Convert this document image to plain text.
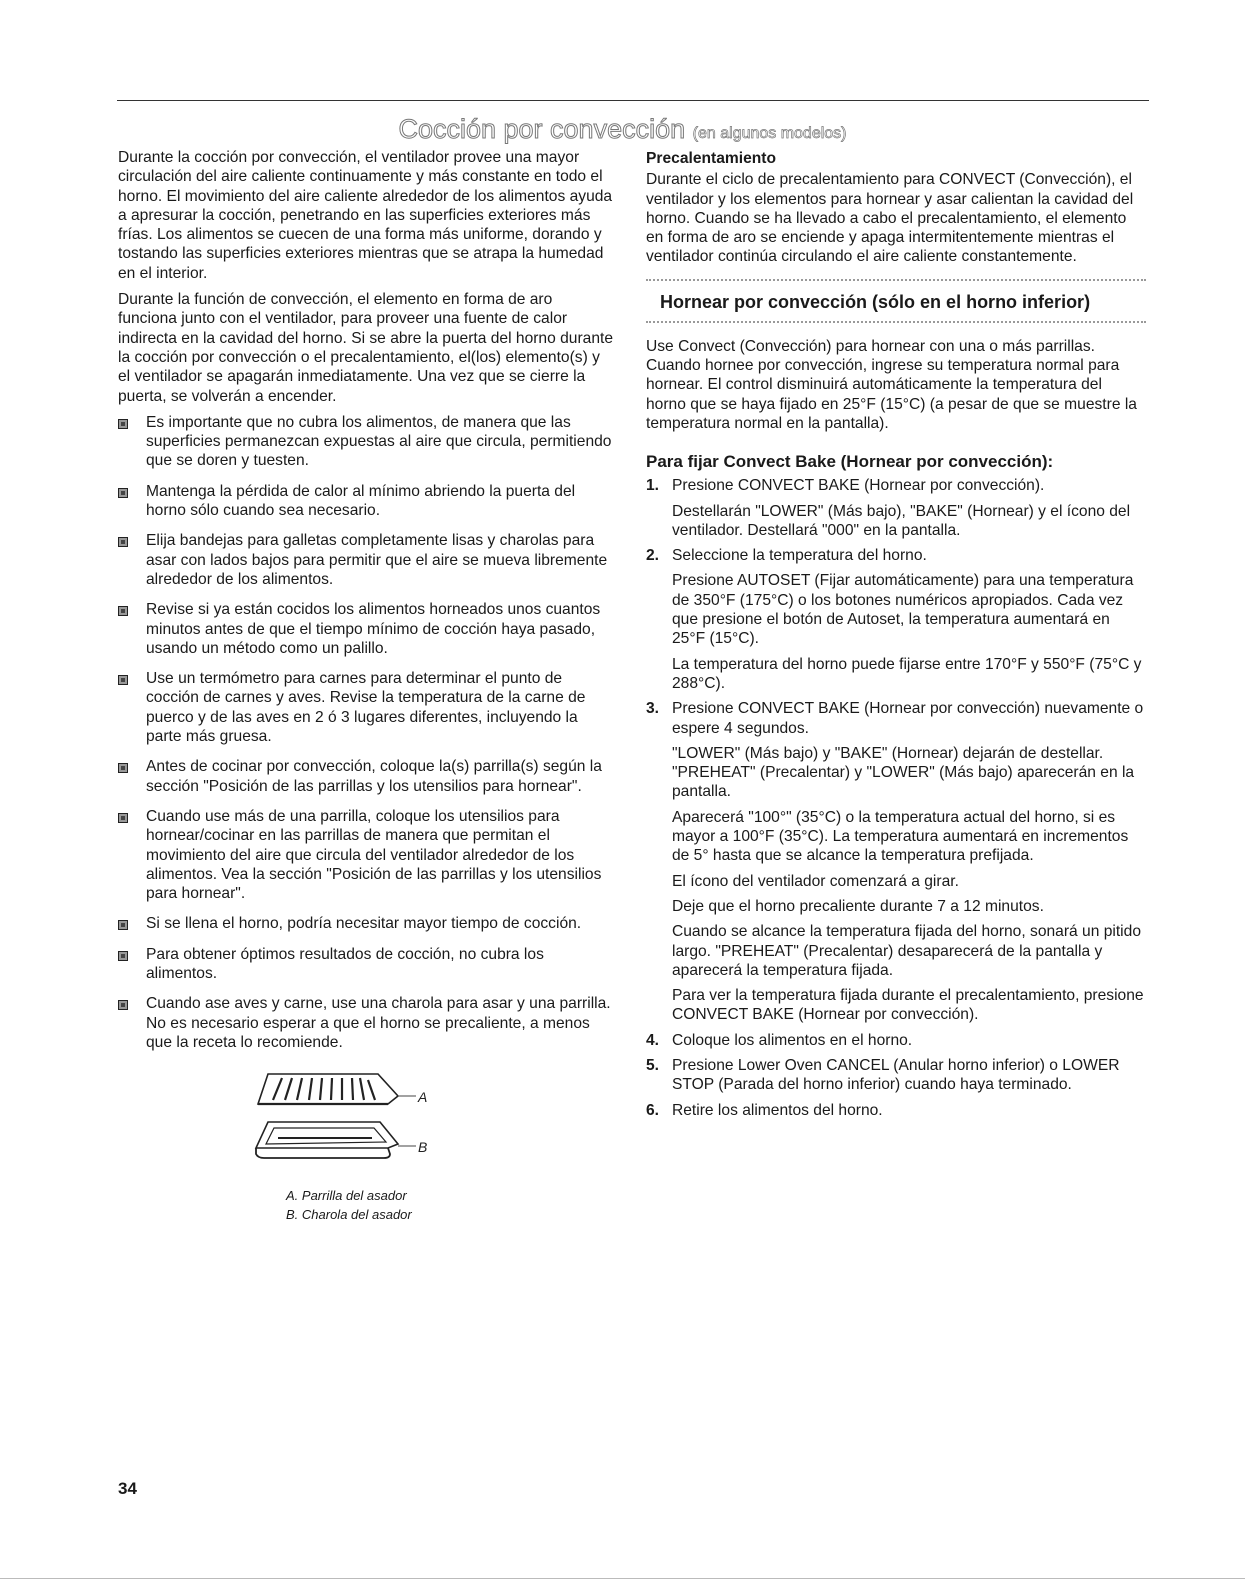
Cocción por convección (en algunos modelos)

Durante la cocción por convección, el ventilador provee una mayor circulación del aire caliente continuamente y más constante en todo el horno. El movimiento del aire caliente alrededor de los alimentos ayuda a apresurar la cocción, penetrando en las superficies exteriores más frías. Los alimentos se cuecen de una forma más uniforme, dorando y tostando las superficies exteriores mientras que se atrapa la humedad en el interior.

Durante la función de convección, el elemento en forma de aro funciona junto con el ventilador, para proveer una fuente de calor indirecta en la cavidad del horno. Si se abre la puerta del horno durante la cocción por convección o el precalentamiento, el(los) elemento(s) y el ventilador se apagarán inmediatamente. Una vez que se cierre la puerta, se volverán a encender.

Es importante que no cubra los alimentos, de manera que las superficies permanezcan expuestas al aire que circula, permitiendo que se doren y tuesten.
Mantenga la pérdida de calor al mínimo abriendo la puerta del horno sólo cuando sea necesario.
Elija bandejas para galletas completamente lisas y charolas para asar con lados bajos para permitir que el aire se mueva libremente alrededor de los alimentos.
Revise si ya están cocidos los alimentos horneados unos cuantos minutos antes de que el tiempo mínimo de cocción haya pasado, usando un método como un palillo.
Use un termómetro para carnes para determinar el punto de cocción de carnes y aves. Revise la temperatura de la carne de puerco y de las aves en 2 ó 3 lugares diferentes, incluyendo la parte más gruesa.
Antes de cocinar por convección, coloque la(s) parrilla(s) según la sección "Posición de las parrillas y los utensilios para hornear".
Cuando use más de una parrilla, coloque los utensilios para hornear/cocinar en las parrillas de manera que permitan el movimiento del aire que circula del ventilador alrededor de los alimentos. Vea la sección "Posición de las parrillas y los utensilios para hornear".
Si se llena el horno, podría necesitar mayor tiempo de cocción.
Para obtener óptimos resultados de cocción, no cubra los alimentos.
Cuando ase aves y carne, use una charola para asar y una parrilla. No es necesario esperar a que el horno se precaliente, a menos que la receta lo recomiende.
A
B
A. Parrilla del asador
B. Charola del asador
Precalentamiento

Durante el ciclo de precalentamiento para CONVECT (Convección), el ventilador y los elementos para hornear y asar calientan la cavidad del horno. Cuando se ha llevado a cabo el precalentamiento, el elemento en forma de aro se enciende y apaga intermitentemente mientras el ventilador continúa circulando el aire caliente constantemente.

Hornear por convección (sólo en el horno inferior)

Use Convect (Convección) para hornear con una o más parrillas. Cuando hornee por convección, ingrese su temperatura normal para hornear. El control disminuirá automáticamente la temperatura del horno que se haya fijado en 25°F (15°C) (a pesar de que se muestre la temperatura normal en la pantalla).

Para fijar Convect Bake (Hornear por convección):
1. Presione CONVECT BAKE (Hornear por convección).

Destellarán "LOWER" (Más bajo), "BAKE" (Hornear) y el ícono del ventilador. Destellará "000" en la pantalla.

2. Seleccione la temperatura del horno.

Presione AUTOSET (Fijar automáticamente) para una temperatura de 350°F (175°C) o los botones numéricos apropiados. Cada vez que presione el botón de Autoset, la temperatura aumentará en 25°F (15°C).

La temperatura del horno puede fijarse entre 170°F y 550°F (75°C y 288°C).

3. Presione CONVECT BAKE (Hornear por convección) nuevamente o espere 4 segundos.

"LOWER" (Más bajo) y "BAKE" (Hornear) dejarán de destellar. "PREHEAT" (Precalentar) y "LOWER" (Más bajo) aparecerán en la pantalla.

Aparecerá "100°" (35°C) o la temperatura actual del horno, si es mayor a 100°F (35°C). La temperatura aumentará en incrementos de 5° hasta que se alcance la temperatura prefijada.

El ícono del ventilador comenzará a girar.

Deje que el horno precaliente durante 7 a 12 minutos.

Cuando se alcance la temperatura fijada del horno, sonará un pitido largo. "PREHEAT" (Precalentar) desaparecerá de la pantalla y aparecerá la temperatura fijada.

Para ver la temperatura fijada durante el precalentamiento, presione CONVECT BAKE (Hornear por convección).

4. Coloque los alimentos en el horno.

5. Presione Lower Oven CANCEL (Anular horno inferior) o LOWER STOP (Parada del horno inferior) cuando haya terminado.

6. Retire los alimentos del horno.

34
